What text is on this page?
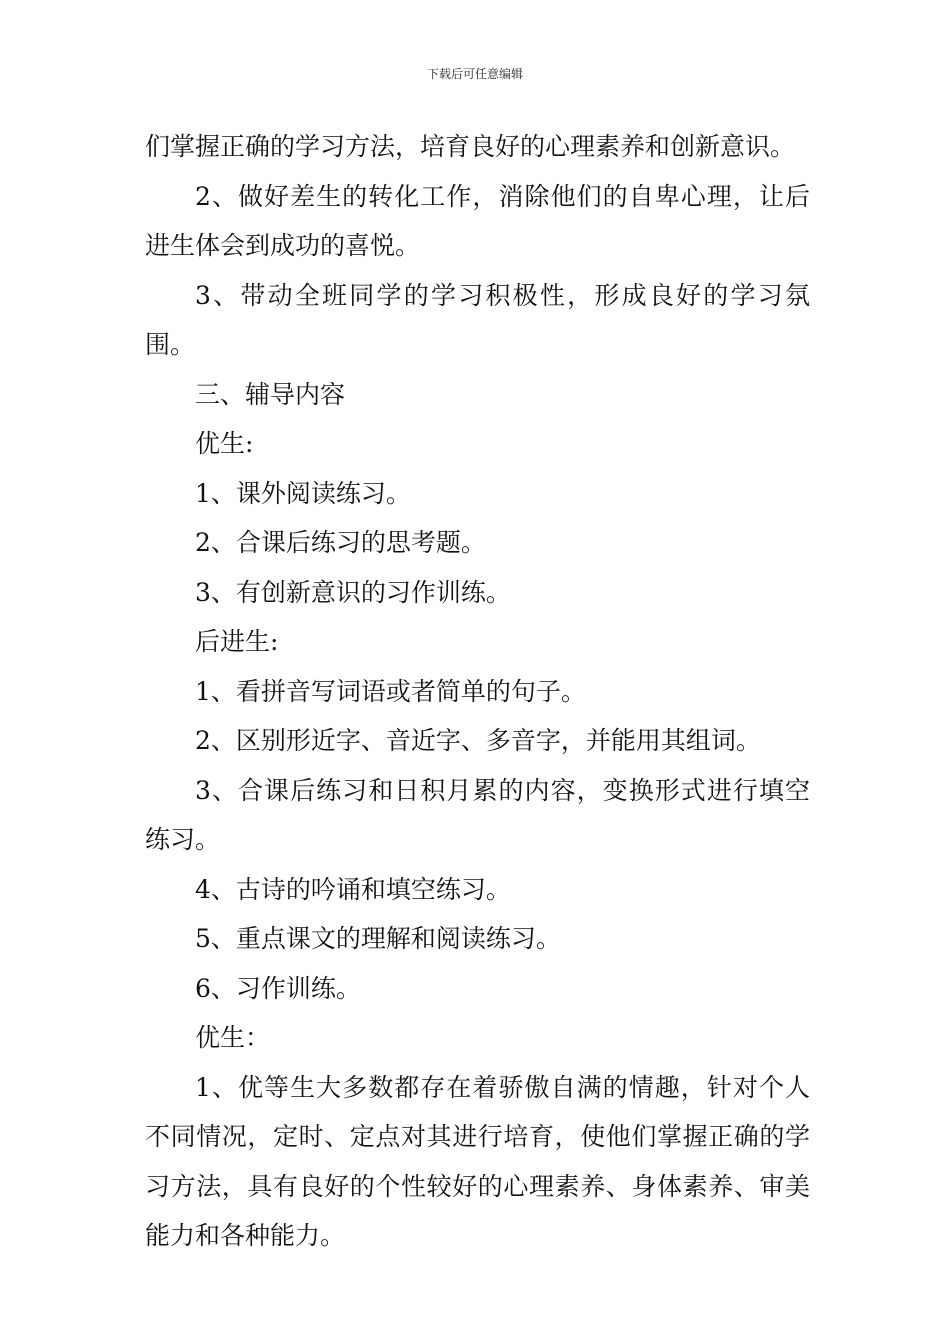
下载后可任意编辑

们掌握正确的学习方法，培育良好的心理素养和创新意识。

2、做好差生的转化工作，消除他们的自卑心理，让后进生体会到成功的喜悦。

3、带动全班同学的学习积极性，形成良好的学习氛围。

三、辅导内容

优生:

1、课外阅读练习。

2、合课后练习的思考题。

3、有创新意识的习作训练。

后进生:

1、看拼音写词语或者简单的句子。

2、区别形近字、音近字、多音字，并能用其组词。

3、合课后练习和日积月累的内容，变换形式进行填空练习。

4、古诗的吟诵和填空练习。

5、重点课文的理解和阅读练习。

6、习作训练。

优生：

1、优等生大多数都存在着骄傲自满的情趣，针对个人不同情况，定时、定点对其进行培育，使他们掌握正确的学习方法，具有良好的个性较好的心理素养、身体素养、审美能力和各种能力。
